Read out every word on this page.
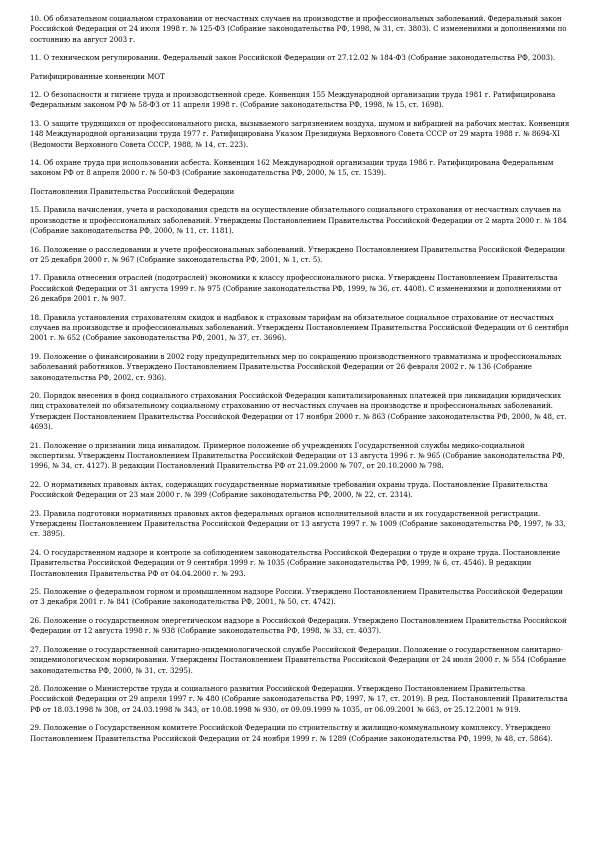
10. Об обязательном социальном страховании от несчастных случаев на производстве и профессиональных заболеваний. Федеральный закон Российской Федерации от 24 июля 1998 г. № 125-ФЗ (Собрание законодательства РФ, 1998, № 31, ст. 3803). С изменениями и дополнениями по состоянию на август 2003 г.

11. О техническом регулировании. Федеральный закон Российской Федерации от 27.12.02 № 184-ФЗ (Собрание законодательства РФ, 2003).

Ратифицированные конвенции МОТ

12. О безопасности и гигиене труда и производственной среде. Конвенция 155 Международной организации труда 1981 г. Ратифицирована Федеральным законом РФ № 58-ФЗ от 11 апреля 1998 г. (Собрание законодательства РФ, 1998, № 15, ст. 1698).

13. О защите трудящихся от профессионального риска, вызываемого загрязнением воздуха, шумом и вибрацией на рабочих местах. Конвенция 148 Международной организации труда 1977 г. Ратифицирована Указом Президиума Верховного Совета СССР от 29 марта 1988 г. № 8694-XI (Ведомости Верховного Совета СССР, 1988, № 14, ст. 223).

14. Об охране труда при использовании асбеста. Конвенция 162 Международной организации труда 1986 г. Ратифицирована Федеральным законом РФ от 8 апреля 2000 г. № 50-ФЗ (Собрание законодательства РФ, 2000, № 15, ст. 1539).

Постановления Правительства Российской Федерации

15. Правила начисления, учета и расходования средств на осуществление обязательного социального страхования от несчастных случаев на производстве и профессиональных заболеваний. Утверждены Постановлением Правительства Российской Федерации от 2 марта 2000 г. № 184 (Собрание законодательства РФ, 2000, № 11, ст. 1181).

16. Положение о расследовании и учете профессиональных заболеваний. Утверждено Постановлением Правительства Российской Федерации от 25 декабря 2000 г. № 967 (Собрание законодательства РФ, 2001, № 1, ст. 5).

17. Правила отнесения отраслей (подотраслей) экономики к классу профессионального риска. Утверждены Постановлением Правительства Российской Федерации от 31 августа 1999 г. № 975 (Собрание законодательства РФ, 1999, № 36, ст. 4408). С изменениями и дополнениями от 26 декабря 2001 г. № 907.

18. Правила установления страхователям скидок и надбавок к страховым тарифам на обязательное социальное страхование от несчастных случаев на производстве и профессиональных заболеваний. Утверждены Постановлением Правительства Российской Федерации от 6 сентября 2001 г. № 652 (Собрание законодательства РФ, 2001, № 37, ст. 3696).

19. Положение о финансировании в 2002 году предупредительных мер по сокращению производственного травматизма и профессиональных заболеваний работников. Утверждено Постановлением Правительства Российской Федерации от 26 февраля 2002 г. № 136 (Собрание законодательства РФ, 2002, ст. 936).

20. Порядок внесения в фонд социального страхования Российской Федерации капитализированных платежей при ликвидации юридических лиц страхователей по обязательному социальному страхованию от несчастных случаев на производстве и профессиональных заболеваний. Утвержден Постановлением Правительства Российской Федерации от 17 ноября 2000 г. № 863 (Собрание законодательства РФ, 2000, № 48, ст. 4693).

21. Положение о признании лица инвалидом. Примерное положение об учреждениях Государственной службы медико-социальной экспертизы. Утверждены Постановлением Правительства Российской Федерации от 13 августа 1996 г. № 965 (Собрание законодательства РФ, 1996, № 34, ст. 4127). В редакции Постановлений Правительства РФ от 21.09.2000 № 707, от 20.10.2000 № 798.

22. О нормативных правовых актах, содержащих государственные нормативные требования охраны труда. Постановление Правительства Российской Федерации от 23 мая 2000 г. № 399 (Собрание законодательства РФ, 2000, № 22, ст. 2314).

23. Правила подготовки нормативных правовых актов федеральных органов исполнительной власти и их государственной регистрации. Утверждены Постановлением Правительства Российской Федерации от 13 августа 1997 г. № 1009 (Собрание законодательства РФ, 1997, № 33, ст. 3895).

24. О государственном надзоре и контроле за соблюдением законодательства Российской Федерации о труде и охране труда. Постановление Правительства Российской Федерации от 9 сентября 1999 г. № 1035 (Собрание законодательства РФ, 1999, № 6, ст. 4546). В редакции Постановления Правительства РФ от 04.04.2000 г. № 293.

25. Положение о федеральном горном и промышленном надзоре России. Утверждено Постановлением Правительства Российской Федерации от 3 декабря 2001 г. № 841 (Собрание законодательства РФ, 2001, № 50, ст. 4742).

26. Положение о государственном энергетическом надзоре в Российской Федерации. Утверждено Постановлением Правительства Российской Федерации от 12 августа 1998 г. № 938 (Собрание законодательства РФ, 1998, № 33, ст. 4037).

27. Положение о государственной санитарно-эпидемиологической службе Российской Федерации. Положение о государственном санитарно-эпидемиологическом нормировании. Утверждены Постановлением Правительства Российской Федерации от 24 июля 2000 г. № 554 (Собрание законодательства РФ, 2000, № 31, ст. 3295).

28. Положение о Министерстве труда и социального развития Российской Федерации. Утверждено Постановлением Правительства Российской Федерации от 29 апреля 1997 г. № 480 (Собрание законодательства РФ, 1997, № 17, ст. 2019). В ред. Постановлений Правительства РФ от 18.03.1998 № 308, от 24.03.1998 № 343, от 10.08.1998 № 930, от 09.09.1999 № 1035, от 06.09.2001 № 663, от 25.12.2001 № 919.

29. Положение о Государственном комитете Российской Федерации по строительству и жилищно-коммунальному комплексу. Утверждено Постановлением Правительства Российской Федерации от 24 ноября 1999 г. № 1289 (Собрание законодательства РФ, 1999, № 48, ст. 5864).
